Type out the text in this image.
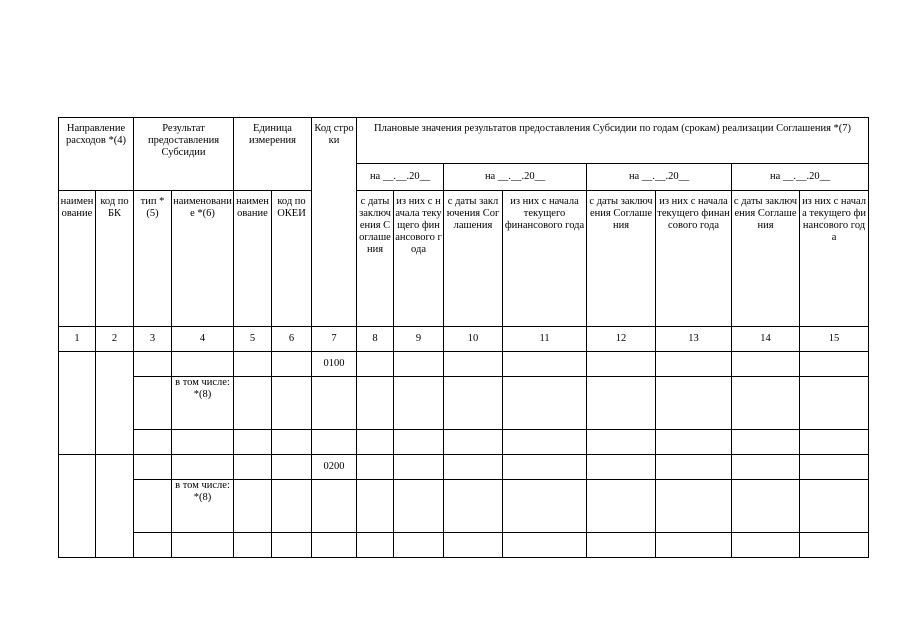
Направление расходов *(4)		Результат предоставления Субсидии		Единица измерения		Код строки	Плановые значения результатов предоставления Субсидии по годам (срокам) реализации Соглашения *(7)							
							на __.__.20__		на __.__.20__		на __.__.20__		на __.__.20__	
наименование	код по БК	тип *(5)	наименование *(6)	наименование	код по ОКЕИ		с даты заключения Соглашения	из них с начала текущего финансового года	с даты заключения Соглашения	из них с начала текущего финансового года	с даты заключения Соглашения	из них с начала текущего финансового года	с даты заключения Соглашения	из них с начала текущего финансового года
1	2	3	4	5	6	7	8	9	10	11	12	13	14	15
						0100								
			в том числе: *(8)											

						0200								
			в том числе: *(8)											
